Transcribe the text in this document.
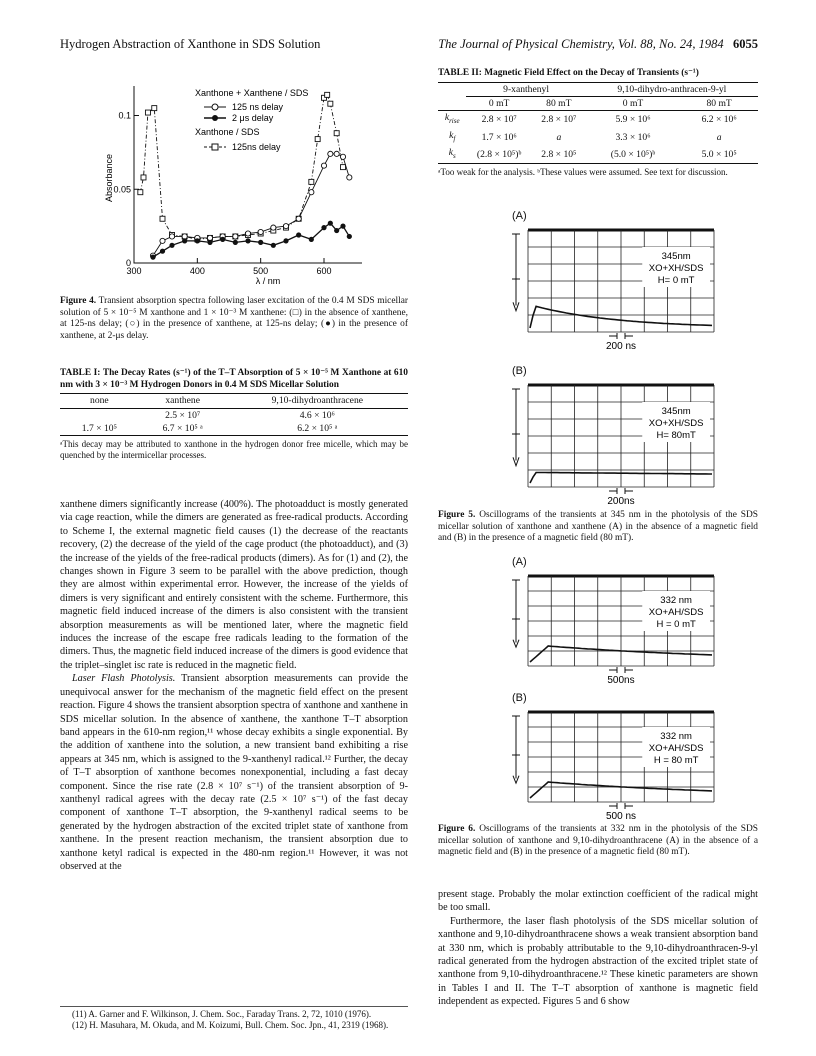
Hydrogen Abstraction of Xanthone in SDS Solution	The Journal of Physical Chemistry, Vol. 88, No. 24, 1984 6055
300	400	500	600
0
0.05
0.1
Xanthone + Xanthene / SDS
125 ns delay
2 μs delay
Xanthone / SDS
125ns delay
Absorbance
λ / nm
Figure 4. Transient absorption spectra following laser excitation of the 0.4 M SDS micellar solution of 5 × 10⁻⁵ M xanthone and 1 × 10⁻³ M xanthene: (□) in the absence of xanthene, at 125-ns delay; (○) in the presence of xanthene, at 125-ns delay; (●) in the presence of xanthene, at 2-μs delay.
TABLE I: The Decay Rates (s⁻¹) of the T–T Absorption of 5 × 10⁻⁵ M Xanthone at 610 nm with 3 × 10⁻³ M Hydrogen Donors in 0.4 M SDS Micellar Solution
none	xanthene	9,10-dihydroanthracene
	2.5 × 10⁷	4.6 × 10⁶
1.7 × 10⁵	6.7 × 10⁵ ᵃ	6.2 × 10⁵ ᵃ
ᵃThis decay may be attributed to xanthone in the hydrogen donor free micelle, which may be quenched by the intermicellar processes.

xanthene dimers significantly increase (400%). The photoadduct is mostly generated via cage reaction, while the dimers are generated as free-radical products. According to Scheme I, the external magnetic field causes (1) the decrease of the reactants recovery, (2) the decrease of the yield of the cage product (the photoadduct), and (3) the increase of the yields of the free-radical products (dimers). As for (1) and (2), the changes shown in Figure 3 seem to be parallel with the above prediction, though they are almost within experimental error. However, the increase of the yields of dimers is very significant and entirely consistent with the scheme. Furthermore, this magnetic field induced increase of the dimers is also consistent with the transient absorption measurements as will be mentioned later, where the magnetic field induces the increase of the escape free radicals leading to the formation of the dimers. Thus, the magnetic field induced increase of the dimers is good evidence that the triplet–singlet isc rate is reduced in the magnetic field.

Laser Flash Photolysis. Transient absorption measurements can provide the unequivocal answer for the mechanism of the magnetic field effect on the present reaction. Figure 4 shows the transient absorption spectra of xanthone and xanthene in SDS micellar solution. In the absence of xanthene, the xanthone T–T absorption band appears in the 610-nm region,¹¹ whose decay exhibits a single exponential. By the addition of xanthene into the solution, a new transient band exhibiting a rise appears at 345 nm, which is assigned to the 9-xanthenyl radical.¹² Further, the decay of T–T absorption of xanthone becomes nonexponential, including a fast decay component. Since the rise rate (2.8 × 10⁷ s⁻¹) of the transient absorption of 9-xanthenyl radical agrees with the decay rate (2.5 × 10⁷ s⁻¹) of the fast decay component of xanthone T–T absorption, the 9-xanthenyl radical seems to be generated by the hydrogen abstraction of the excited triplet state of xanthone from xanthene. In the present reaction mechanism, the transient absorption due to xanthone ketyl radical is expected in the 480-nm region.¹¹ However, it was not observed at the

(11) A. Garner and F. Wilkinson, J. Chem. Soc., Faraday Trans. 2, 72, 1010 (1976).

(12) H. Masuhara, M. Okuda, and M. Koizumi, Bull. Chem. Soc. Jpn., 41, 2319 (1968).

TABLE II: Magnetic Field Effect on the Decay of Transients (s⁻¹)
	9-xanthenyl		9,10-dihydro-anthracen-9-yl	
	0 mT	80 mT	0 mT	80 mT
$k_{rise}$	2.8 × 10⁷	2.8 × 10⁷	5.9 × 10⁶	6.2 × 10⁶
$k_f$	1.7 × 10⁶	a	3.3 × 10⁶	a
$k_s$	(2.8 × 10⁵)ᵇ	2.8 × 10⁵	(5.0 × 10⁵)ᵇ	5.0 × 10⁵
ᵃToo weak for the analysis. ᵇThese values were assumed. See text for discussion.
(A)
345nm
XO+XH/SDS
H= 0 mT
200 ns
(B)
345nm
XO+XH/SDS
H= 80mT
200ns
Figure 5. Oscillograms of the transients at 345 nm in the photolysis of the SDS micellar solution of xanthone and xanthene (A) in the absence of a magnetic field and (B) in the presence of a magnetic field (80 mT).
(A)
332 nm
XO+AH/SDS
H = 0 mT
500ns
(B)
332 nm
XO+AH/SDS
H = 80 mT
500 ns
Figure 6. Oscillograms of the transients at 332 nm in the photolysis of the SDS micellar solution of xanthone and 9,10-dihydroanthracene (A) in the absence of a magnetic field and (B) in the presence of a magnetic field (80 mT).

present stage. Probably the molar extinction coefficient of the radical might be too small.

Furthermore, the laser flash photolysis of the SDS micellar solution of xanthone and 9,10-dihydroanthracene shows a weak transient absorption band at 330 nm, which is probably attributable to the 9,10-dihydroanthracen-9-yl radical generated from the hydrogen abstraction of the excited triplet state of xanthone from 9,10-dihydroanthracene.¹² These kinetic parameters are shown in Tables I and II. The T–T absorption of xanthone is magnetic field independent as expected. Figures 5 and 6 show
